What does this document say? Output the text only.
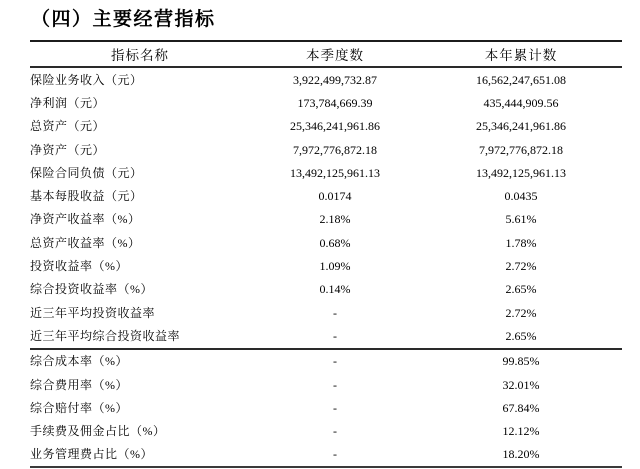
（四）主要经营指标
指标名称	本季度数	本年累计数
保险业务收入（元）	3,922,499,732.87	16,562,247,651.08
净利润（元）	173,784,669.39	435,444,909.56
总资产（元）	25,346,241,961.86	25,346,241,961.86
净资产（元）	7,972,776,872.18	7,972,776,872.18
保险合同负债（元）	13,492,125,961.13	13,492,125,961.13
基本每股收益（元）	0.0174	0.0435
净资产收益率（%）	2.18%	5.61%
总资产收益率（%）	0.68%	1.78%
投资收益率（%）	1.09%	2.72%
综合投资收益率（%）	0.14%	2.65%
近三年平均投资收益率	-	2.72%
近三年平均综合投资收益率	-	2.65%
综合成本率（%）	-	99.85%
综合费用率（%）	-	32.01%
综合赔付率（%）	-	67.84%
手续费及佣金占比（%）	-	12.12%
业务管理费占比（%）	-	18.20%
